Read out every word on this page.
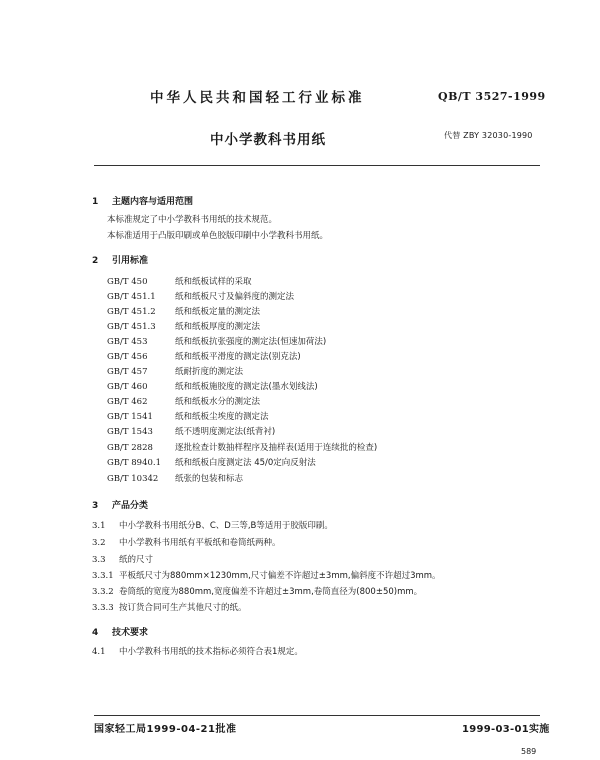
中华人民共和国轻工行业标准	QB/T 3527-1999
中小学教科书用纸	代替 ZBY 32030-1990
1 主题内容与适用范围
本标准规定了中小学教科书用纸的技术规范。
本标准适用于凸版印刷或单色胶版印刷中小学教科书用纸。
2 引用标准
GB/T 450	纸和纸板试样的采取
GB/T 451.1 纸和纸板尺寸及偏斜度的测定法
GB/T 451.2 纸和纸板定量的测定法
GB/T 451.3 纸和纸板厚度的测定法
GB/T 453	纸和纸板抗张强度的测定法(恒速加荷法)
GB/T 456	纸和纸板平滑度的测定法(别克法)
GB/T 457	纸耐折度的测定法
GB/T 460	纸和纸板施胶度的测定法(墨水划线法)
GB/T 462	纸和纸板水分的测定法
GB/T 1541	纸和纸板尘埃度的测定法
GB/T 1543	纸不透明度测定法(纸背衬)
GB/T 2828	逐批检查计数抽样程序及抽样表(适用于连续批的检查)
GB/T 8940.1 纸和纸板白度测定法 45/0定向反射法
GB/T 10342 纸张的包装和标志
3 产品分类
3.1 中小学教科书用纸分B、C、D三等,B等适用于胶版印刷。
3.2 中小学教科书用纸有平板纸和卷筒纸两种。
3.3 纸的尺寸
3.3.1 平板纸尺寸为880mm×1230mm,尺寸偏差不许超过±3mm,偏斜度不许超过3mm。
3.3.2 卷筒纸的宽度为880mm,宽度偏差不许超过±3mm,卷筒直径为(800±50)mm。
3.3.3 按订货合同可生产其他尺寸的纸。
4 技术要求
4.1 中小学教科书用纸的技术指标必须符合表1规定。
国家轻工局1999-04-21批准	1999-03-01实施
589
